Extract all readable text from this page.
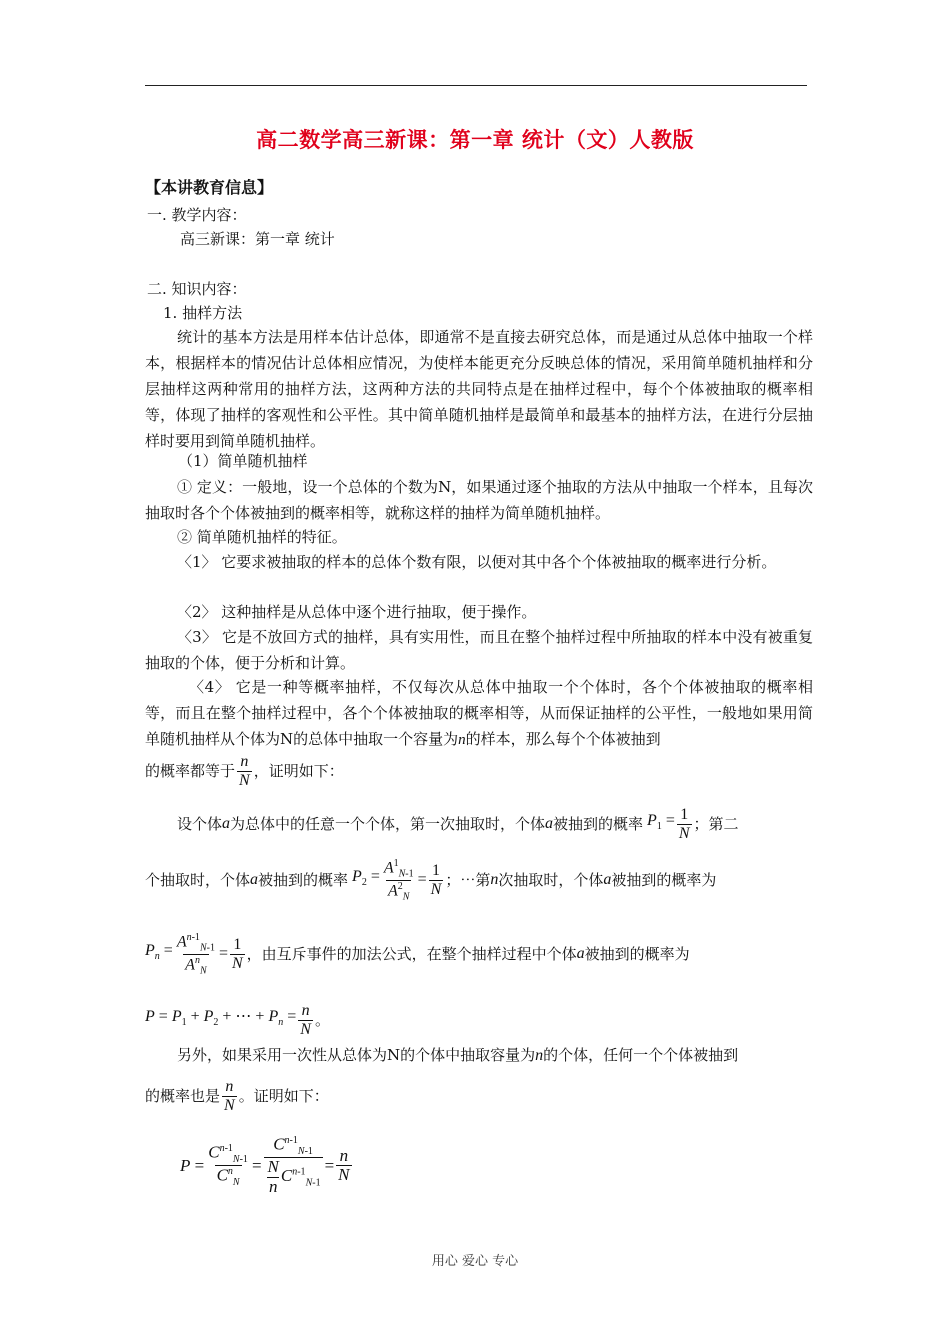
高二数学高三新课：第一章 统计（文）人教版
【本讲教育信息】
一. 教学内容：
高三新课：第一章 统计
二. 知识内容：
1. 抽样方法
统计的基本方法是用样本估计总体，即通常不是直接去研究总体，而是通过从总体中抽取一个样本，根据样本的情况估计总体相应情况，为使样本能更充分反映总体的情况，采用简单随机抽样和分层抽样这两种常用的抽样方法，这两种方法的共同特点是在抽样过程中，每个个体被抽取的概率相等，体现了抽样的客观性和公平性。其中简单随机抽样是最简单和最基本的抽样方法，在进行分层抽样时要用到简单随机抽样。
（1）简单随机抽样
① 定义：一般地，设一个总体的个数为N，如果通过逐个抽取的方法从中抽取一个样本，且每次抽取时各个个体被抽到的概率相等，就称这样的抽样为简单随机抽样。
② 简单随机抽样的特征。
〈1〉 它要求被抽取的样本的总体个数有限，以便对其中各个个体被抽取的概率进行分析。
〈2〉 这种抽样是从总体中逐个进行抽取，便于操作。
〈3〉 它是不放回方式的抽样，具有实用性，而且在整个抽样过程中所抽取的样本中没有被重复抽取的个体，便于分析和计算。
〈4〉 它是一种等概率抽样，不仅每次从总体中抽取一个个体时，各个个体被抽取的概率相等，而且在整个抽样过程中，各个个体被抽取的概率相等，从而保证抽样的公平性，一般地如果用简单随机抽样从个体为N的总体中抽取一个容量为n的样本，那么每个个体被抽到
的概率都等于 $\frac{n}{N}$ ，证明如下：
设个体 a 为总体中的任意一个个体，第一次抽取时，个体 a 被抽到的概率 $P_1 = \frac{1}{N}$ ；第二
个抽取时，个体 a 被抽到的概率 $P_2 = \frac{A^1_{N-1}}{A^2_N} = \frac{1}{N}$ ；⋯第 n 次抽取时，个体 a 被抽到的概率为
$P_n = \frac{A^{n-1}_{N-1}}{A^n_N} = \frac{1}{N}$ ，由互斥事件的加法公式，在整个抽样过程中个体 a 被抽到的概率为
$P = P_1 + P_2$ + ⋯ + $P_n = \frac{n}{N}$ 。
另外，如果采用一次性从总体为N的个体中抽取容量为n的个体，任何一个个体被抽到
的概率也是 $\frac{n}{N}$ 。证明如下：
$P = \frac{C^{n-1}_{N-1}}{C^n_N} = \frac{C^{n-1}_{N-1}}{\frac{N}{n} C^{n-1}_{N-1}} = \frac{n}{N}$
用心 爱心 专心
